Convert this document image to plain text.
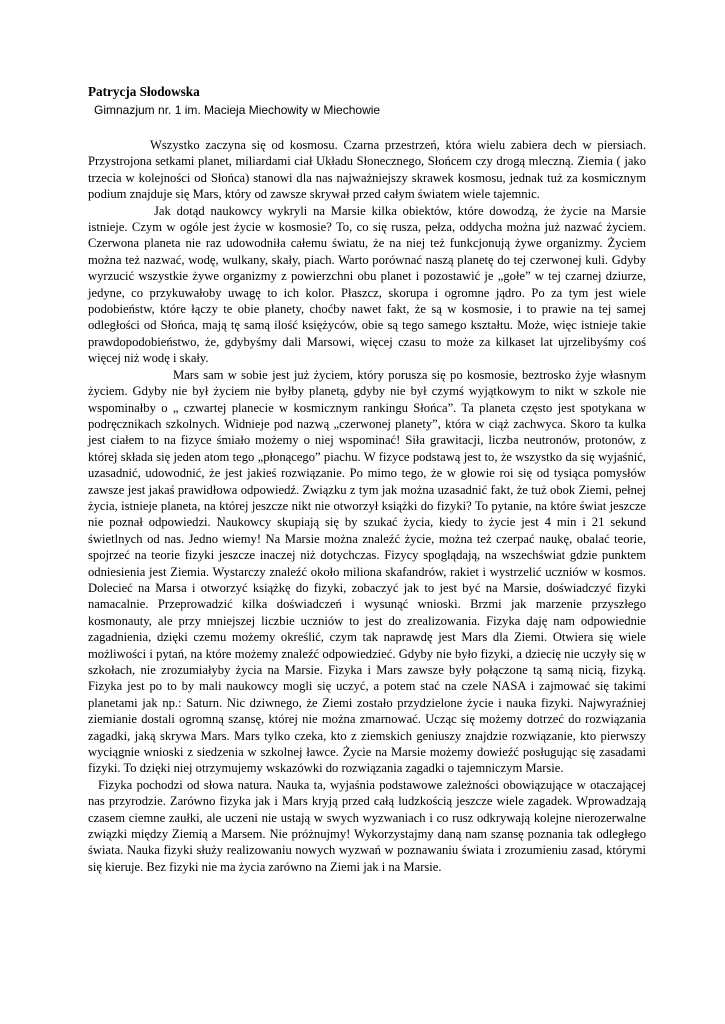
Patrycja Słodowska

Gimnazjum nr. 1 im. Macieja Miechowity w Miechowie

Wszystko zaczyna się od kosmosu. Czarna przestrzeń, która wielu zabiera dech w piersiach. Przystrojona setkami planet, miliardami ciał Układu Słonecznego, Słońcem czy drogą mleczną. Ziemia ( jako trzecia w kolejności od Słońca) stanowi dla nas najważniejszy skrawek kosmosu, jednak tuż za kosmicznym podium znajduje się Mars, który od zawsze skrywał przed całym światem wiele tajemnic.

Jak dotąd naukowcy wykryli na Marsie kilka obiektów, które dowodzą, że życie na Marsie istnieje. Czym w ogóle jest życie w kosmosie? To, co się rusza, pełza, oddycha można już nazwać życiem. Czerwona planeta nie raz udowodniła całemu światu, że na niej też funkcjonują żywe organizmy. Życiem można też nazwać, wodę, wulkany, skały, piach. Warto porównać naszą planetę do tej czerwonej kuli. Gdyby wyrzucić wszystkie żywe organizmy z powierzchni obu planet i pozostawić je „gołe” w tej czarnej dziurze, jedyne, co przykuwałoby uwagę to ich kolor. Płaszcz, skorupa i ogromne jądro. Po za tym jest wiele podobieństw, które łączy te obie planety, choćby nawet fakt, że są w kosmosie, i to prawie na tej samej odległości od Słońca, mają tę samą ilość księżyców, obie są tego samego kształtu. Może, więc istnieje takie prawdopodobieństwo, że, gdybyśmy dali Marsowi, więcej czasu to może za kilkaset lat ujrzelibyśmy coś więcej niż wodę i skały.

Mars sam w sobie jest już życiem, który porusza się po kosmosie, beztrosko żyje własnym życiem. Gdyby nie był życiem nie byłby planetą, gdyby nie był czymś wyjątkowym to nikt w szkole nie wspominałby o „ czwartej planecie w kosmicznym rankingu Słońca”. Ta planeta często jest spotykana w podręcznikach szkolnych. Widnieje pod nazwą „czerwonej planety”, która w ciąż zachwyca. Skoro ta kulka jest ciałem to na fizyce śmiało możemy o niej wspominać! Siła grawitacji, liczba neutronów, protonów, z której składa się jeden atom tego „płonącego” piachu. W fizyce podstawą jest to, że wszystko da się wyjaśnić, uzasadnić, udowodnić, że jest jakieś rozwiązanie. Po mimo tego, że w głowie roi się od tysiąca pomysłów zawsze jest jakaś prawidłowa odpowiedź. Związku z tym jak można uzasadnić fakt, że tuż obok Ziemi, pełnej życia, istnieje planeta, na której jeszcze nikt nie otworzył książki do fizyki? To pytanie, na które świat jeszcze nie poznał odpowiedzi. Naukowcy skupiają się by szukać życia, kiedy to życie jest 4 min i 21 sekund świetlnych od nas. Jedno wiemy! Na Marsie można znaleźć życie, można też czerpać naukę, obalać teorie, spojrzeć na teorie fizyki jeszcze inaczej niż dotychczas. Fizycy spoglądają, na wszechświat gdzie punktem odniesienia jest Ziemia. Wystarczy znaleźć około miliona skafandrów, rakiet i wystrzelić uczniów w kosmos. Dolecieć na Marsa i otworzyć książkę do fizyki, zobaczyć jak to jest być na Marsie, doświadczyć fizyki namacalnie. Przeprowadzić kilka doświadczeń i wysunąć wnioski. Brzmi jak marzenie przyszłego kosmonauty, ale przy mniejszej liczbie uczniów to jest do zrealizowania. Fizyka daję nam odpowiednie zagadnienia, dzięki czemu możemy określić, czym tak naprawdę jest Mars dla Ziemi. Otwiera się wiele możliwości i pytań, na które możemy znaleźć odpowiedzieć. Gdyby nie było fizyki, a dziecię nie uczyły się w szkołach, nie zrozumiałyby życia na Marsie. Fizyka i Mars zawsze były połączone tą samą nicią, fizyką. Fizyka jest po to by mali naukowcy mogli się uczyć, a potem stać na czele NASA i zajmować się takimi planetami jak np.: Saturn. Nic dziwnego, że Ziemi zostało przydzielone życie i nauka fizyki. Najwyraźniej ziemianie dostali ogromną szansę, której nie można zmarnować. Ucząc się możemy dotrzeć do rozwiązania zagadki, jaką skrywa Mars. Mars tylko czeka, kto z ziemskich geniuszy znajdzie rozwiązanie, kto pierwszy wyciągnie wnioski z siedzenia w szkolnej ławce. Życie na Marsie możemy dowieźć posługując się zasadami fizyki. To dzięki niej otrzymujemy wskazówki do rozwiązania zagadki o tajemniczym Marsie.

Fizyka pochodzi od słowa natura. Nauka ta, wyjaśnia podstawowe zależności obowiązujące w otaczającej nas przyrodzie. Zarówno fizyka jak i Mars kryją przed całą ludzkością jeszcze wiele zagadek. Wprowadzają czasem ciemne zaułki, ale uczeni nie ustają w swych wyzwaniach i co rusz odkrywają kolejne nierozerwalne związki między Ziemią a Marsem. Nie próżnujmy! Wykorzystajmy daną nam szansę poznania tak odległego świata. Nauka fizyki służy realizowaniu nowych wyzwań w poznawaniu świata i zrozumieniu zasad, którymi się kieruje. Bez fizyki nie ma życia zarówno na Ziemi jak i na Marsie.
